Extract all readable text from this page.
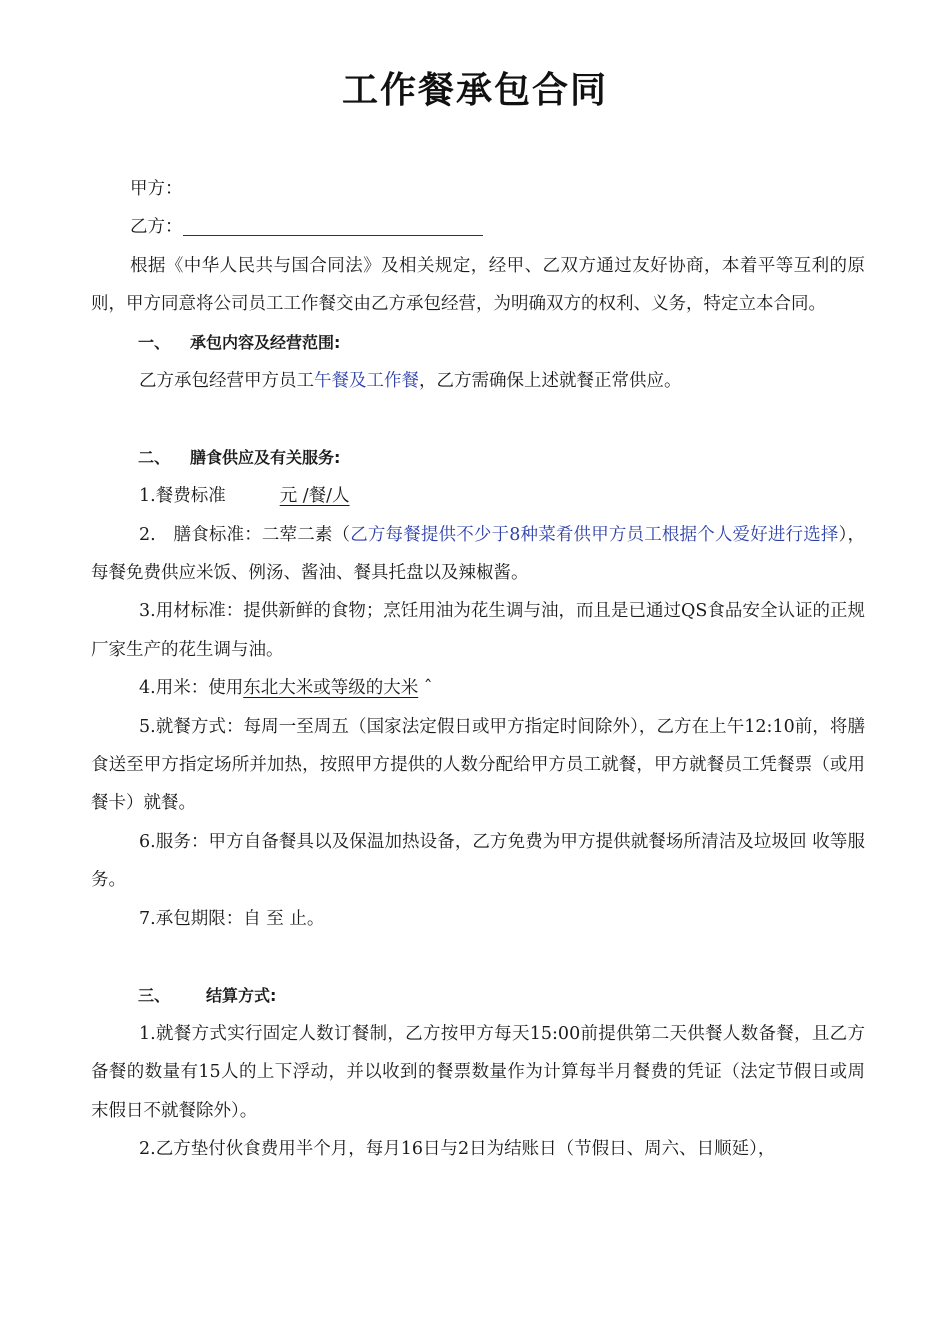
工作餐承包合同

甲方：

乙方：

根据《中华人民共与国合同法》及相关规定，经甲、乙双方通过友好协商，本着平等互利的原则，甲方同意将公司员工工作餐交由乙方承包经营，为明确双方的权利、义务，特定立本合同。

一、 承包内容及经营范围:

乙方承包经营甲方员工午餐及工作餐，乙方需确保上述就餐正常供应。

二、 膳食供应及有关服务:

1.餐费标准	元 /餐/人

2.　膳食标准：二荤二素（乙方每餐提供不少于8种菜肴供甲方员工根据个人爱好进行选择），每餐免费供应米饭、例汤、酱油、餐具托盘以及辣椒酱。

3.用材标准：提供新鲜的食物；烹饪用油为花生调与油，而且是已通过QS食品安全认证的正规厂家生产的花生调与油。

4.用米：使用东北大米或等级的大米 ˆ

5.就餐方式：每周一至周五（国家法定假日或甲方指定时间除外），乙方在上午12:10前，将膳食送至甲方指定场所并加热，按照甲方提供的人数分配给甲方员工就餐，甲方就餐员工凭餐票（或用餐卡）就餐。

6.服务：甲方自备餐具以及保温加热设备，乙方免费为甲方提供就餐场所清洁及垃圾回 收等服务。

7.承包期限：自 至 止。

三、 结算方式:

1.就餐方式实行固定人数订餐制，乙方按甲方每天15:00前提供第二天供餐人数备餐，且乙方备餐的数量有15人的上下浮动，并以收到的餐票数量作为计算每半月餐费的凭证（法定节假日或周末假日不就餐除外）。

2.乙方垫付伙食费用半个月，每月16日与2日为结账日（节假日、周六、日顺延），
